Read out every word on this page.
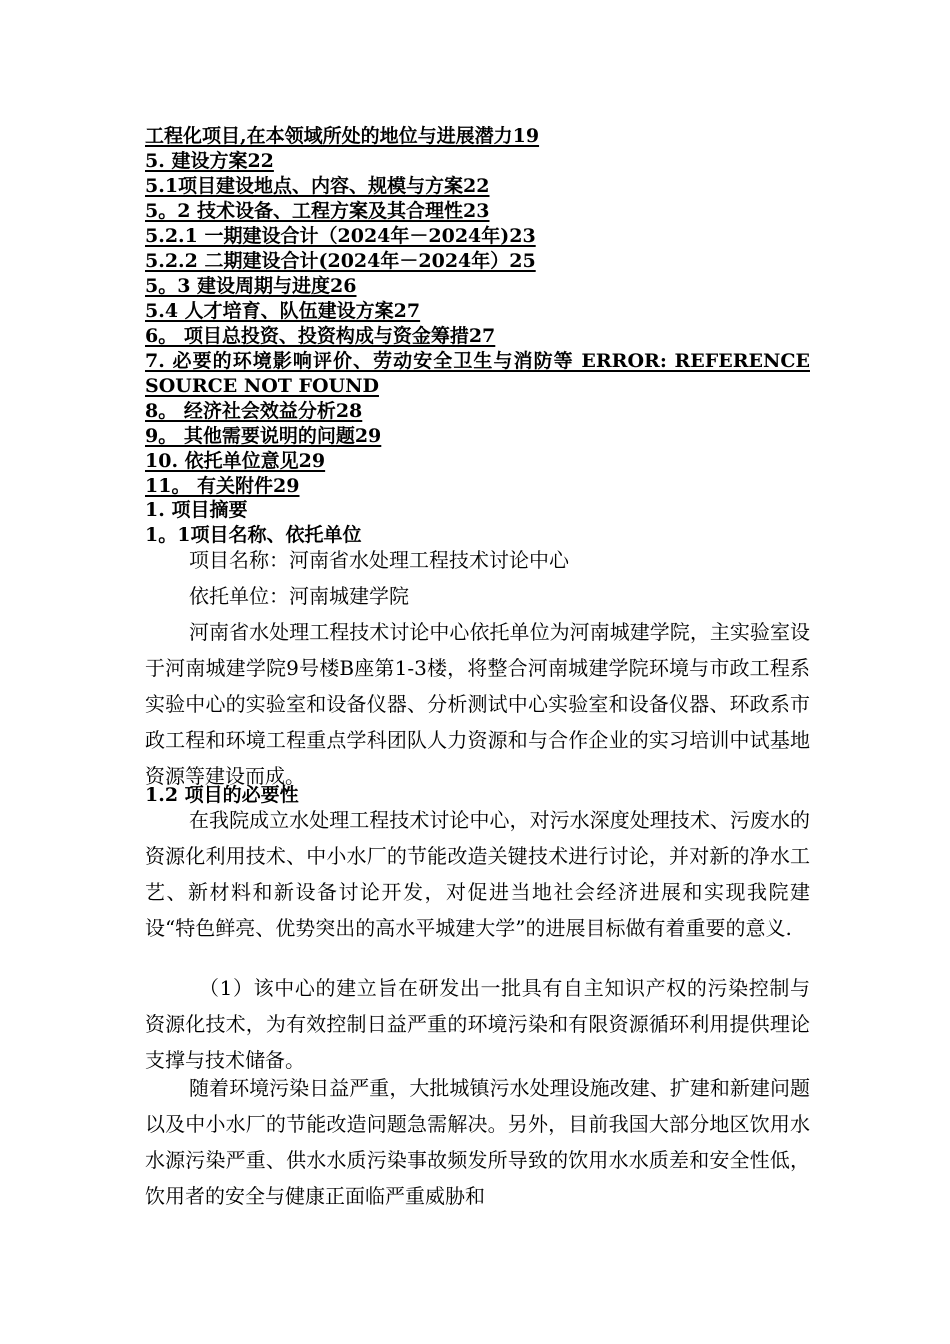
工程化项目,在本领域所处的地位与进展潜力19
5. 建设方案22
5.1项目建设地点、内容、规模与方案22
5。2 技术设备、工程方案及其合理性23
5.2.1 一期建设合计（2024年－2024年)23
5.2.2 二期建设合计(2024年－2024年）25
5。3 建设周期与进度26
5.4 人才培育、队伍建设方案27
6。 项目总投资、投资构成与资金筹措27
7. 必要的环境影响评价、劳动安全卫生与消防等 ERROR: REFERENCE SOURCE NOT FOUND
8。 经济社会效益分析28
9。 其他需要说明的问题29
10. 依托单位意见29
11。 有关附件29
1. 项目摘要
1。1项目名称、依托单位

项目名称：河南省水处理工程技术讨论中心

依托单位：河南城建学院

河南省水处理工程技术讨论中心依托单位为河南城建学院，主实验室设于河南城建学院9号楼B座第1-3楼，将整合河南城建学院环境与市政工程系实验中心的实验室和设备仪器、分析测试中心实验室和设备仪器、环政系市政工程和环境工程重点学科团队人力资源和与合作企业的实习培训中试基地资源等建设而成。

1.2 项目的必要性

在我院成立水处理工程技术讨论中心，对污水深度处理技术、污废水的资源化利用技术、中小水厂的节能改造关键技术进行讨论，并对新的净水工艺、新材料和新设备讨论开发，对促进当地社会经济进展和实现我院建设“特色鲜亮、优势突出的高水平城建大学”的进展目标做有着重要的意义.

（1）该中心的建立旨在研发出一批具有自主知识产权的污染控制与资源化技术，为有效控制日益严重的环境污染和有限资源循环利用提供理论支撑与技术储备。

随着环境污染日益严重，大批城镇污水处理设施改建、扩建和新建问题以及中小水厂的节能改造问题急需解决。另外，目前我国大部分地区饮用水水源污染严重、供水水质污染事故频发所导致的饮用水水质差和安全性低，饮用者的安全与健康正面临严重威胁和
